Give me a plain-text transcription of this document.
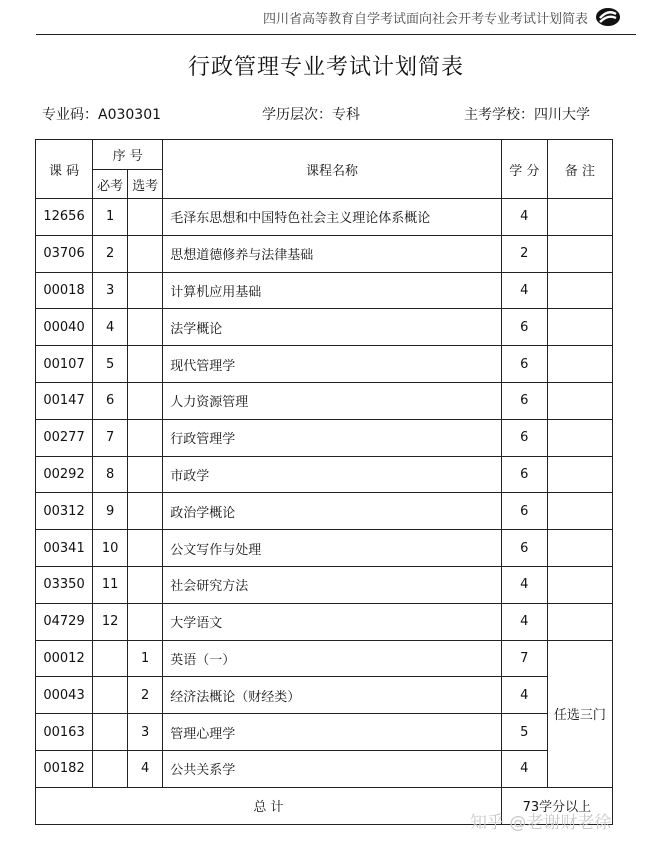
四川省高等教育自学考试面向社会开考专业考试计划简表
行政管理专业考试计划简表
专业码：A030301	学历层次：专科	主考学校：四川大学
课 码	序 号		课程名称	学 分	备 注
	必考	选考			
12656	1		毛泽东思想和中国特色社会主义理论体系概论	4	
03706	2		思想道德修养与法律基础	2	
00018	3		计算机应用基础	4	
00040	4		法学概论	6	
00107	5		现代管理学	6	
00147	6		人力资源管理	6	
00277	7		行政管理学	6	
00292	8		市政学	6	
00312	9		政治学概论	6	
00341	10		公文写作与处理	6	
03350	11		社会研究方法	4	
04729	12		大学语文	4	
00012		1	英语（一）	7	任选三门
00043		2	经济法概论（财经类）	4	
00163		3	管理心理学	5	
00182		4	公共关系学	4	
总 计				73学分以上	
知乎 @老谢财老徐
